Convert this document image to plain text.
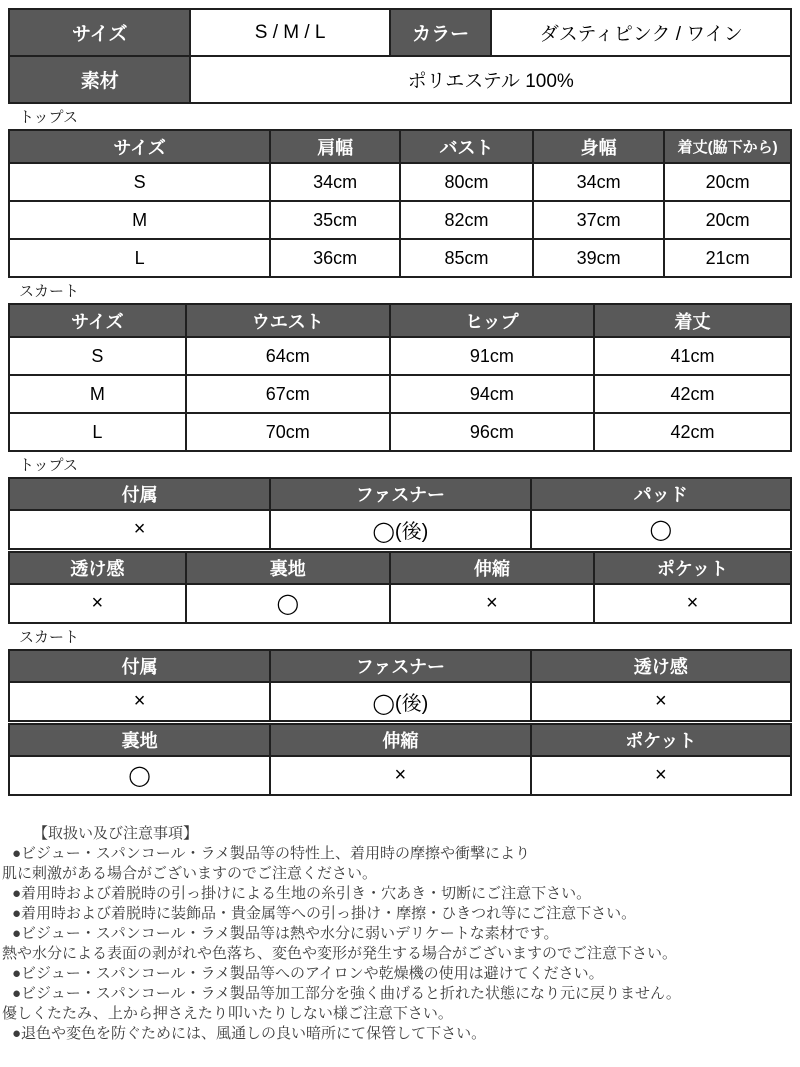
サイズ	S / M / L	カラー	ダスティピンク / ワイン
素材	ポリエステル 100%		
トップス
サイズ	肩幅	バスト	身幅	着丈(脇下から)
S	34cm	80cm	34cm	20cm
M	35cm	82cm	37cm	20cm
L	36cm	85cm	39cm	21cm
スカート
サイズ	ウエスト	ヒップ	着丈
S	64cm	91cm	41cm
M	67cm	94cm	42cm
L	70cm	96cm	42cm
トップス
付属	ファスナー	パッド
×	◯(後)	◯
透け感	裏地	伸縮	ポケット
×	◯	×	×
スカート
付属	ファスナー	透け感
×	◯(後)	×
裏地	伸縮	ポケット
◯	×	×
【取扱い及び注意事項】
●ビジュー・スパンコール・ラメ製品等の特性上、着用時の摩擦や衝撃により
肌に刺激がある場合がございますのでご注意ください。
●着用時および着脱時の引っ掛けによる生地の糸引き・穴あき・切断にご注意下さい。
●着用時および着脱時に装飾品・貴金属等への引っ掛け・摩擦・ひきつれ等にご注意下さい。
●ビジュー・スパンコール・ラメ製品等は熱や水分に弱いデリケートな素材です。
熱や水分による表面の剥がれや色落ち、変色や変形が発生する場合がございますのでご注意下さい。
●ビジュー・スパンコール・ラメ製品等へのアイロンや乾燥機の使用は避けてください。
●ビジュー・スパンコール・ラメ製品等加工部分を強く曲げると折れた状態になり元に戻りません。
優しくたたみ、上から押さえたり叩いたりしない様ご注意下さい。
●退色や変色を防ぐためには、風通しの良い暗所にて保管して下さい。
